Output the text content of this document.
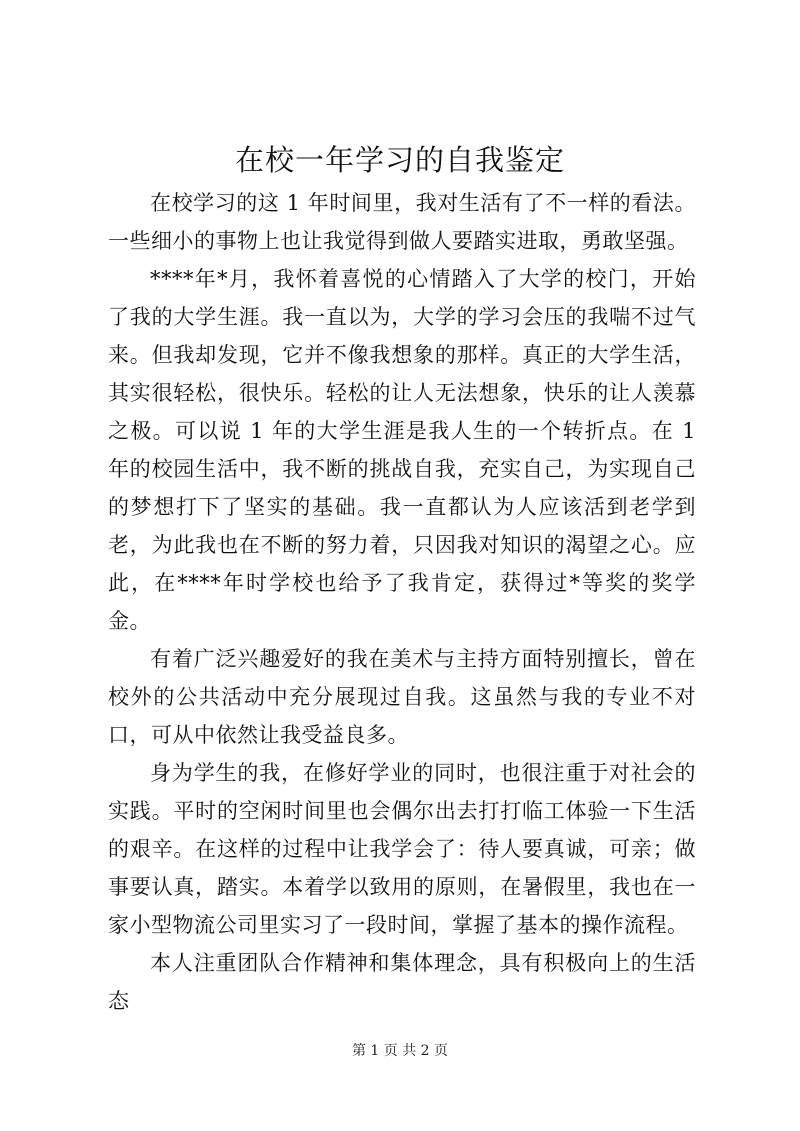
在校一年学习的自我鉴定

在校学习的这 1 年时间里，我对生活有了不一样的看法。一些细小的事物上也让我觉得到做人要踏实进取，勇敢坚强。

****年*月，我怀着喜悦的心情踏入了大学的校门，开始了我的大学生涯。我一直以为，大学的学习会压的我喘不过气来。但我却发现，它并不像我想象的那样。真正的大学生活，其实很轻松，很快乐。轻松的让人无法想象，快乐的让人羡慕之极。可以说 1 年的大学生涯是我人生的一个转折点。在 1 年的校园生活中，我不断的挑战自我，充实自己，为实现自己的梦想打下了坚实的基础。我一直都认为人应该活到老学到老，为此我也在不断的努力着，只因我对知识的渴望之心。应此，在****年时学校也给予了我肯定，获得过*等奖的奖学金。

有着广泛兴趣爱好的我在美术与主持方面特别擅长，曾在校外的公共活动中充分展现过自我。这虽然与我的专业不对口，可从中依然让我受益良多。

身为学生的我，在修好学业的同时，也很注重于对社会的实践。平时的空闲时间里也会偶尔出去打打临工体验一下生活的艰辛。在这样的过程中让我学会了：待人要真诚，可亲；做事要认真，踏实。本着学以致用的原则，在暑假里，我也在一家小型物流公司里实习了一段时间，掌握了基本的操作流程。

本人注重团队合作精神和集体理念，具有积极向上的生活态

第 1 页 共 2 页
